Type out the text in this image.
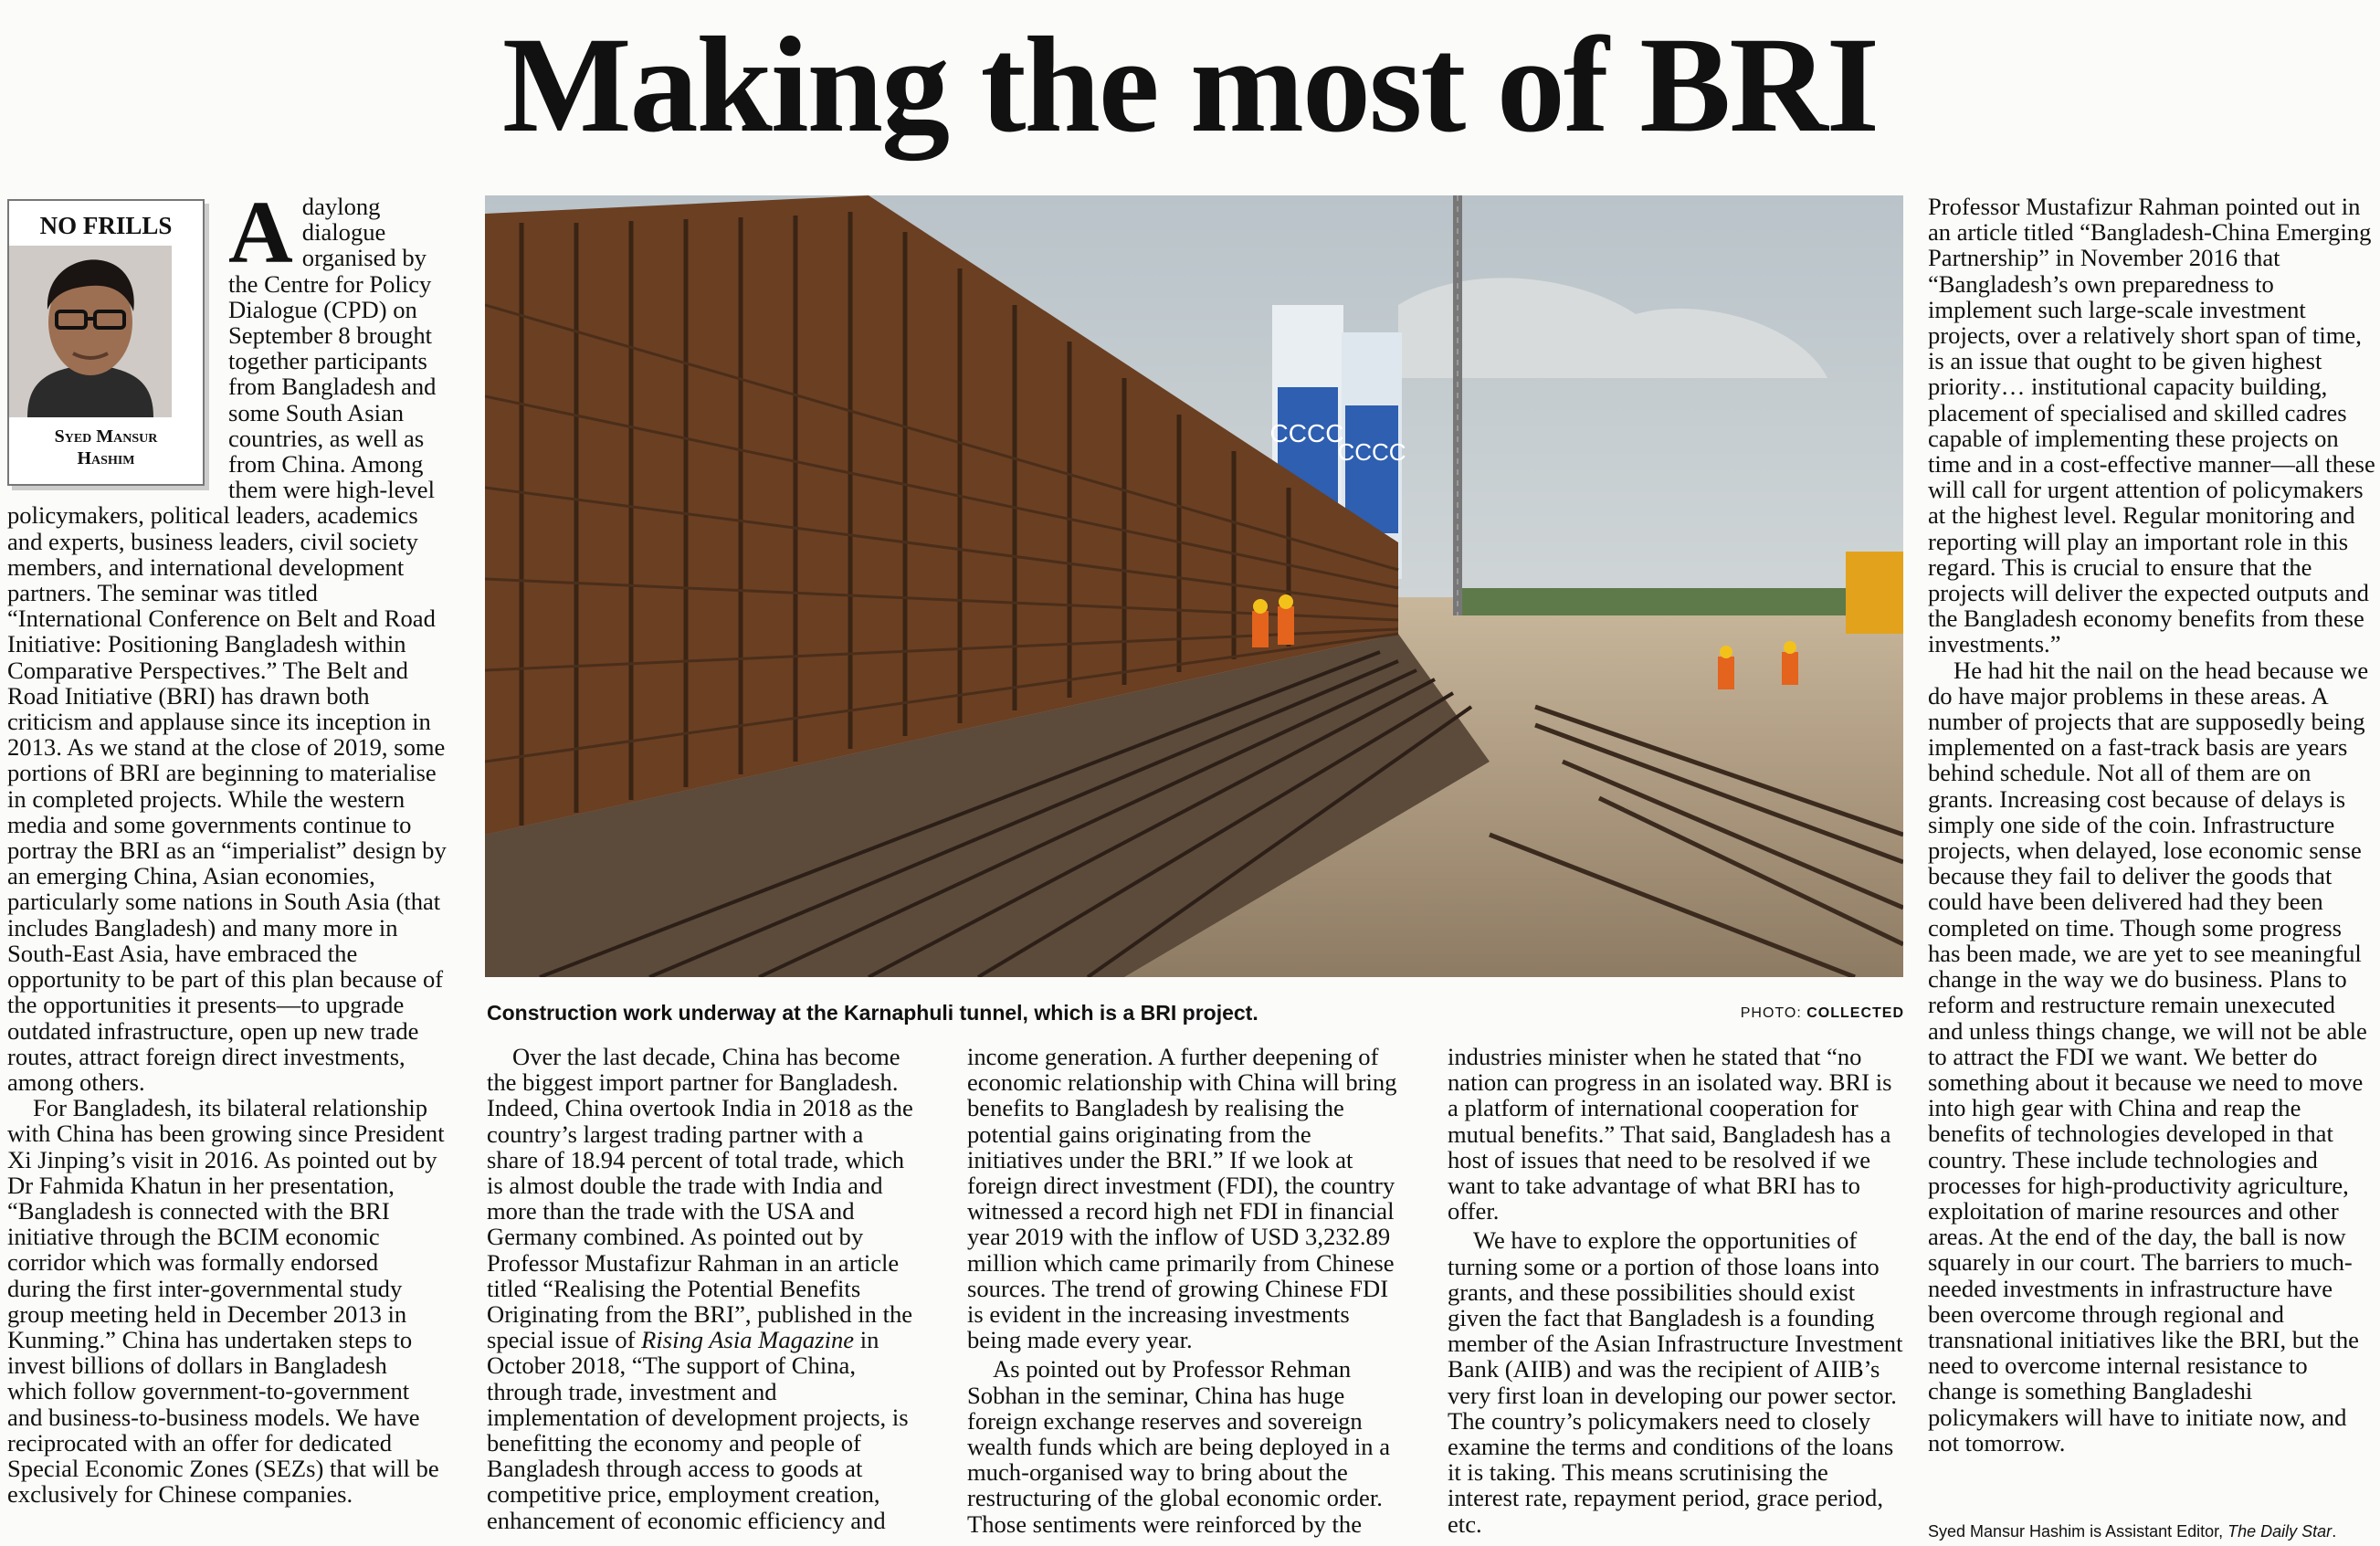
Making the most of BRI
NO FRILLS
Syed Mansur
Hashim

Adaylong dialogue organised by the Centre for Policy Dialogue (CPD) on September 8 brought together participants from Bangladesh and some South Asian countries, as well as from China. Among them were high-level policymakers, political leaders, academics and experts, business leaders, civil society members, and international development partners. The seminar was titled “International Conference on Belt and Road Initiative: Positioning Bangladesh within Comparative Perspectives.” The Belt and Road Initiative (BRI) has drawn both criticism and applause since its inception in 2013. As we stand at the close of 2019, some portions of BRI are beginning to materialise in completed projects. While the western media and some governments continue to portray the BRI as an “imperialist” design by an emerging China, Asian economies, particularly some nations in South Asia (that includes Bangladesh) and many more in South-East Asia, have embraced the opportunity to be part of this plan because of the opportunities it presents—to upgrade outdated infrastructure, open up new trade routes, attract foreign direct investments, among others.

For Bangladesh, its bilateral relationship with China has been growing since President Xi Jinping’s visit in 2016. As pointed out by Dr Fahmida Khatun in her presentation, “Bangladesh is connected with the BRI initiative through the BCIM economic corridor which was formally endorsed during the first inter-governmental study group meeting held in December 2013 in Kunming.” China has undertaken steps to invest billions of dollars in Bangladesh which follow government-to-government and business-to-business models. We have reciprocated with an offer for dedicated Special Economic Zones (SEZs) that will be exclusively for Chinese companies.

CCCC
CCCC
Construction work underway at the Karnaphuli tunnel, which is a BRI project.	PHOTO: COLLECTED

Over the last decade, China has become the biggest import partner for Bangladesh. Indeed, China overtook India in 2018 as the country’s largest trading partner with a share of 18.94 percent of total trade, which is almost double the trade with India and more than the trade with the USA and Germany combined. As pointed out by Professor Mustafizur Rahman in an article titled “Realising the Potential Benefits Originating from the BRI”, published in the special issue of Rising Asia Magazine in October 2018, “The support of China, through trade, investment and implementation of development projects, is benefitting the economy and people of Bangladesh through access to goods at competitive price, employment creation, enhancement of economic efficiency and

income generation. A further deepening of economic relationship with China will bring benefits to Bangladesh by realising the potential gains originating from the initiatives under the BRI.” If we look at foreign direct investment (FDI), the country witnessed a record high net FDI in financial year 2019 with the inflow of USD 3,232.89 million which came primarily from Chinese sources. The trend of growing Chinese FDI is evident in the increasing investments being made every year.

As pointed out by Professor Rehman Sobhan in the seminar, China has huge foreign exchange reserves and sovereign wealth funds which are being deployed in a much-organised way to bring about the restructuring of the global economic order. Those sentiments were reinforced by the

industries minister when he stated that “no nation can progress in an isolated way. BRI is a platform of international cooperation for mutual benefits.” That said, Bangladesh has a host of issues that need to be resolved if we want to take advantage of what BRI has to offer.

We have to explore the opportunities of turning some or a portion of those loans into grants, and these possibilities should exist given the fact that Bangladesh is a founding member of the Asian Infrastructure Investment Bank (AIIB) and was the recipient of AIIB’s very first loan in developing our power sector. The country’s policymakers need to closely examine the terms and conditions of the loans it is taking. This means scrutinising the interest rate, repayment period, grace period, etc.

Professor Mustafizur Rahman pointed out in an article titled “Bangladesh-China Emerging Partnership” in November 2016 that “Bangladesh’s own preparedness to implement such large-scale investment projects, over a relatively short span of time, is an issue that ought to be given highest priority… institutional capacity building, placement of specialised and skilled cadres capable of implementing these projects on time and in a cost-effective manner—all these will call for urgent attention of policymakers at the highest level. Regular monitoring and reporting will play an important role in this regard. This is crucial to ensure that the projects will deliver the expected outputs and the Bangladesh economy benefits from these investments.”

He had hit the nail on the head because we do have major problems in these areas. A number of projects that are supposedly being implemented on a fast-track basis are years behind schedule. Not all of them are on grants. Increasing cost because of delays is simply one side of the coin. Infrastructure projects, when delayed, lose economic sense because they fail to deliver the goods that could have been delivered had they been completed on time. Though some progress has been made, we are yet to see meaningful change in the way we do business. Plans to reform and restructure remain unexecuted and unless things change, we will not be able to attract the FDI we want. We better do something about it because we need to move into high gear with China and reap the benefits of technologies developed in that country. These include technologies and processes for high-productivity agriculture, exploitation of marine resources and other areas. At the end of the day, the ball is now squarely in our court. The barriers to much-needed investments in infrastructure have been overcome through regional and transnational initiatives like the BRI, but the need to overcome internal resistance to change is something Bangladeshi policymakers will have to initiate now, and not tomorrow.

Syed Mansur Hashim is Assistant Editor, The Daily Star.
